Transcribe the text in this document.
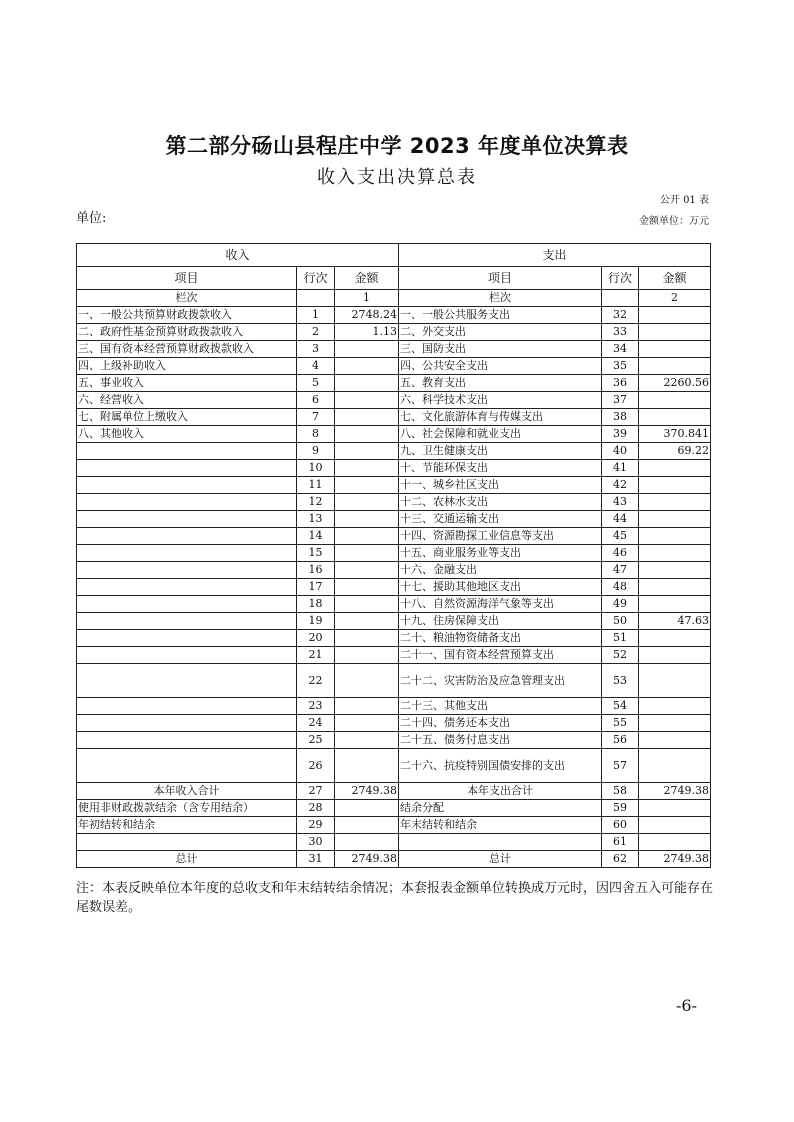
第二部分砀山县程庄中学 2023 年度单位决算表
收入支出决算总表
公开 01 表
单位:	金额单位：万元
收入			支出		
项目	行次	金额	项目	行次	金额
栏次		1	栏次		2
一、一般公共预算财政拨款收入	1	2748.24	一、一般公共服务支出	32	
二、政府性基金预算财政拨款收入	2	1.13	二、外交支出	33	
三、国有资本经营预算财政拨款收入	3		三、国防支出	34	
四、上级补助收入	4		四、公共安全支出	35	
五、事业收入	5		五、教育支出	36	2260.56
六、经营收入	6		六、科学技术支出	37	
七、附属单位上缴收入	7		七、文化旅游体育与传媒支出	38	
八、其他收入	8		八、社会保障和就业支出	39	370.841
	9		九、卫生健康支出	40	69.22
	10		十、节能环保支出	41	
	11		十一、城乡社区支出	42	
	12		十二、农林水支出	43	
	13		十三、交通运输支出	44	
	14		十四、资源勘探工业信息等支出	45	
	15		十五、商业服务业等支出	46	
	16		十六、金融支出	47	
	17		十七、援助其他地区支出	48	
	18		十八、自然资源海洋气象等支出	49	
	19		十九、住房保障支出	50	47.63
	20		二十、粮油物资储备支出	51	
	21		二十一、国有资本经营预算支出	52	
	22		二十二、灾害防治及应急管理支出	53	
	23		二十三、其他支出	54	
	24		二十四、债务还本支出	55	
	25		二十五、债务付息支出	56	
	26		二十六、抗疫特别国债安排的支出	57	
本年收入合计	27	2749.38	本年支出合计	58	2749.38
使用非财政拨款结余（含专用结余）	28		结余分配	59	
年初结转和结余	29		年末结转和结余	60	
	30			61	
总计	31	2749.38	总计	62	2749.38
注：本表反映单位本年度的总收支和年末结转结余情况；本套报表金额单位转换成万元时，因四舍五入可能存在尾数误差。
-6-
